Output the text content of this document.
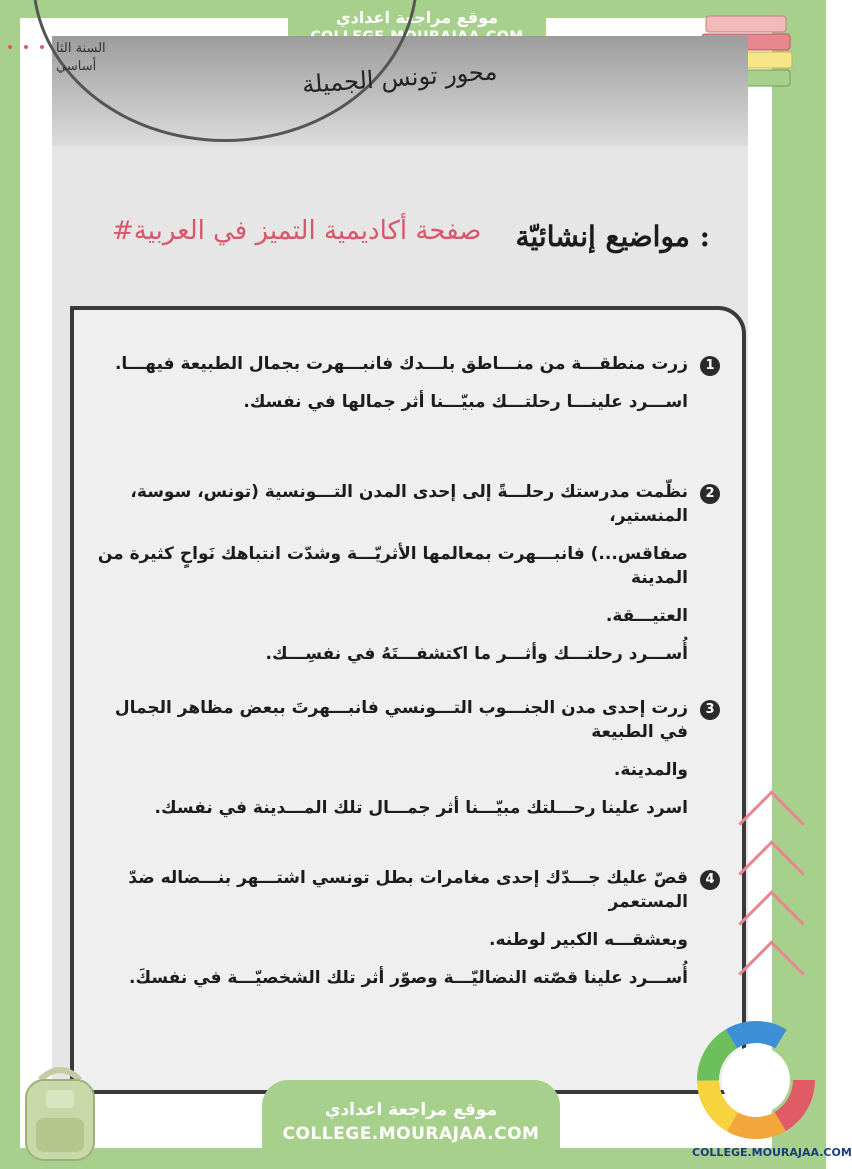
موقع مراجعة اعدادي
السنة الثا
أساسي	محور تونس الجميلة
مواضيع إنشائيّة :
#صفحة أكاديمية التميز في العربية
1
زرت منطقـــة من منـــاطق بلـــدك فانبـــهرت بجمال الطبيعة فيهـــا.
اســـرد علينـــا رحلتـــك مبيّـــنا أثر جمالها في نفسك.
2
نظّمت مدرستك رحلـــةً إلى إحدى المدن التـــونسية (تونس، سوسة، المنستير،
صفاقس...) فانبـــهرت بمعالمها الأثريّـــة وشدّت انتباهك نَواحٍ كثيرة من المدينة
العتيـــقة.
أُســـرد رحلتـــك وأثـــر ما اكتشفـــتَهُ في نفسِـــك.
3
زرت إحدى مدن الجنـــوب التـــونسي فانبـــهرتَ ببعض مظاهر الجمال في الطبيعة
والمدينة.
اسرد علينا رحـــلتك مبيّـــنا أثر جمـــال تلك المـــدينة في نفسك.
4
قصّ عليك جـــدّك إحدى مغامرات بطل تونسي اشتـــهر بنـــضاله ضدّ المستعمر
وبعشقـــه الكبير لوطنه.
أُســـرد علينا قصّته النضاليّـــة وصوّر أثر تلك الشخصيّـــة في نفسكَ.
موقع مراجعة اعدادي
COLLEGE.MOURAJAA.COM
COLLEGE.MOURAJAA.COM
